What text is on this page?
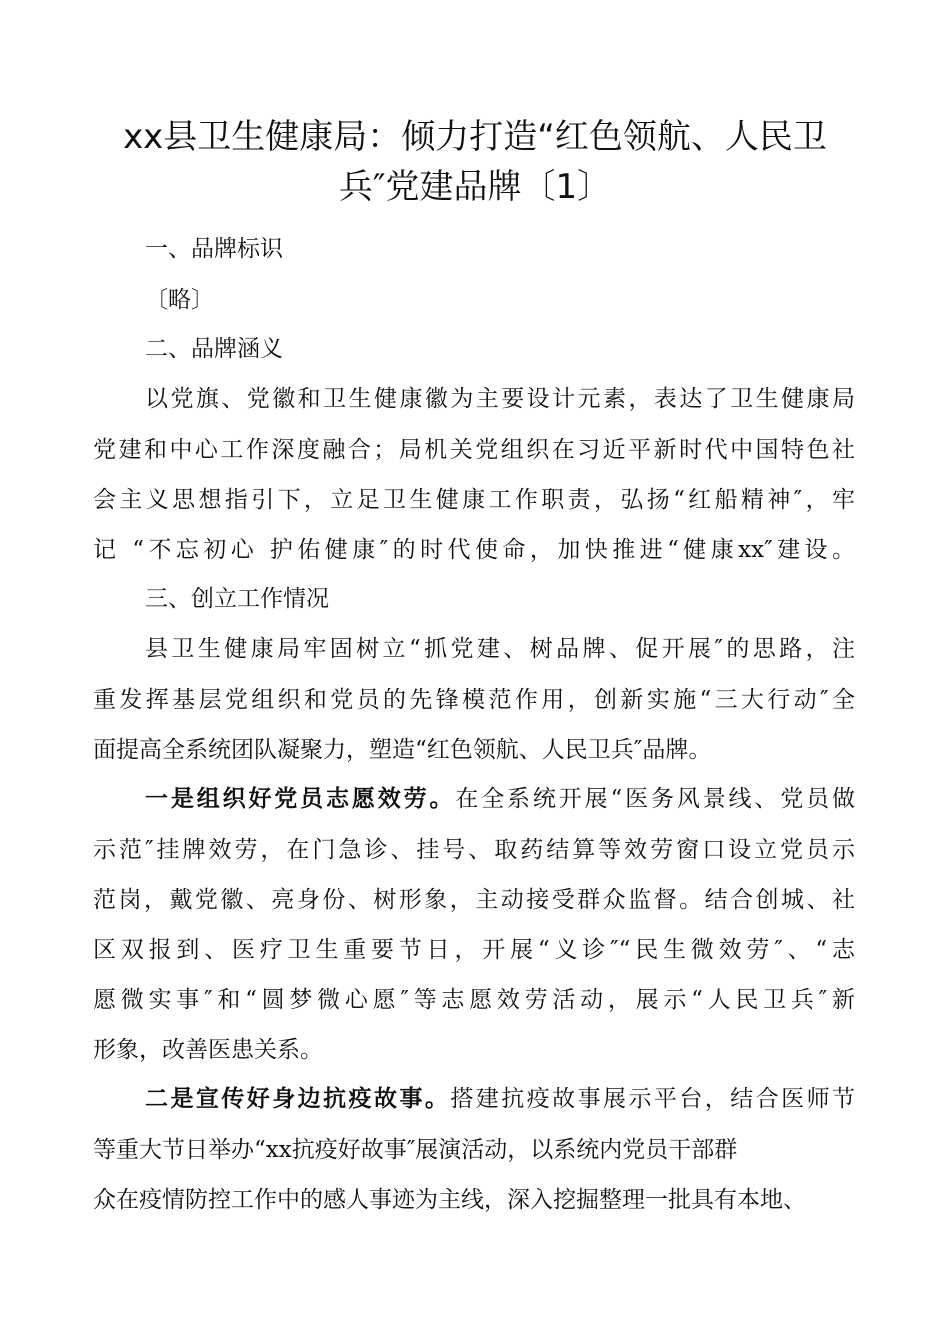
xx县卫生健康局：倾力打造“红色领航、人民卫
兵″党建品牌〔1〕
一、品牌标识

〔略〕

二、品牌涵义

以党旗、党徽和卫生健康徽为主要设计元素，表达了卫生健康局

党建和中心工作深度融合；局机关党组织在习近平新时代中国特色社

会主义思想指引下，立足卫生健康工作职责，弘扬“红船精神″，牢

记 “不忘初心 护佑健康″的时代使命，加快推进“健康xx″建设。

三、创立工作情况

县卫生健康局牢固树立“抓党建、树品牌、促开展″的思路，注

重发挥基层党组织和党员的先锋模范作用，创新实施“三大行动″全

面提高全系统团队凝聚力，塑造“红色领航、人民卫兵″品牌。

一是组织好党员志愿效劳。在全系统开展“医务风景线、党员做

示范″挂牌效劳，在门急诊、挂号、取药结算等效劳窗口设立党员示

范岗，戴党徽、亮身份、树形象，主动接受群众监督。结合创城、社

区双报到、医疗卫生重要节日，开展“义诊″“民生微效劳″、“志

愿微实事″和“圆梦微心愿″等志愿效劳活动，展示“人民卫兵″新

形象，改善医患关系。

二是宣传好身边抗疫故事。搭建抗疫故事展示平台，结合医师节

等重大节日举办“xx抗疫好故事″展演活动，以系统内党员干部群

众在疫情防控工作中的感人事迹为主线，深入挖掘整理一批具有本地、
